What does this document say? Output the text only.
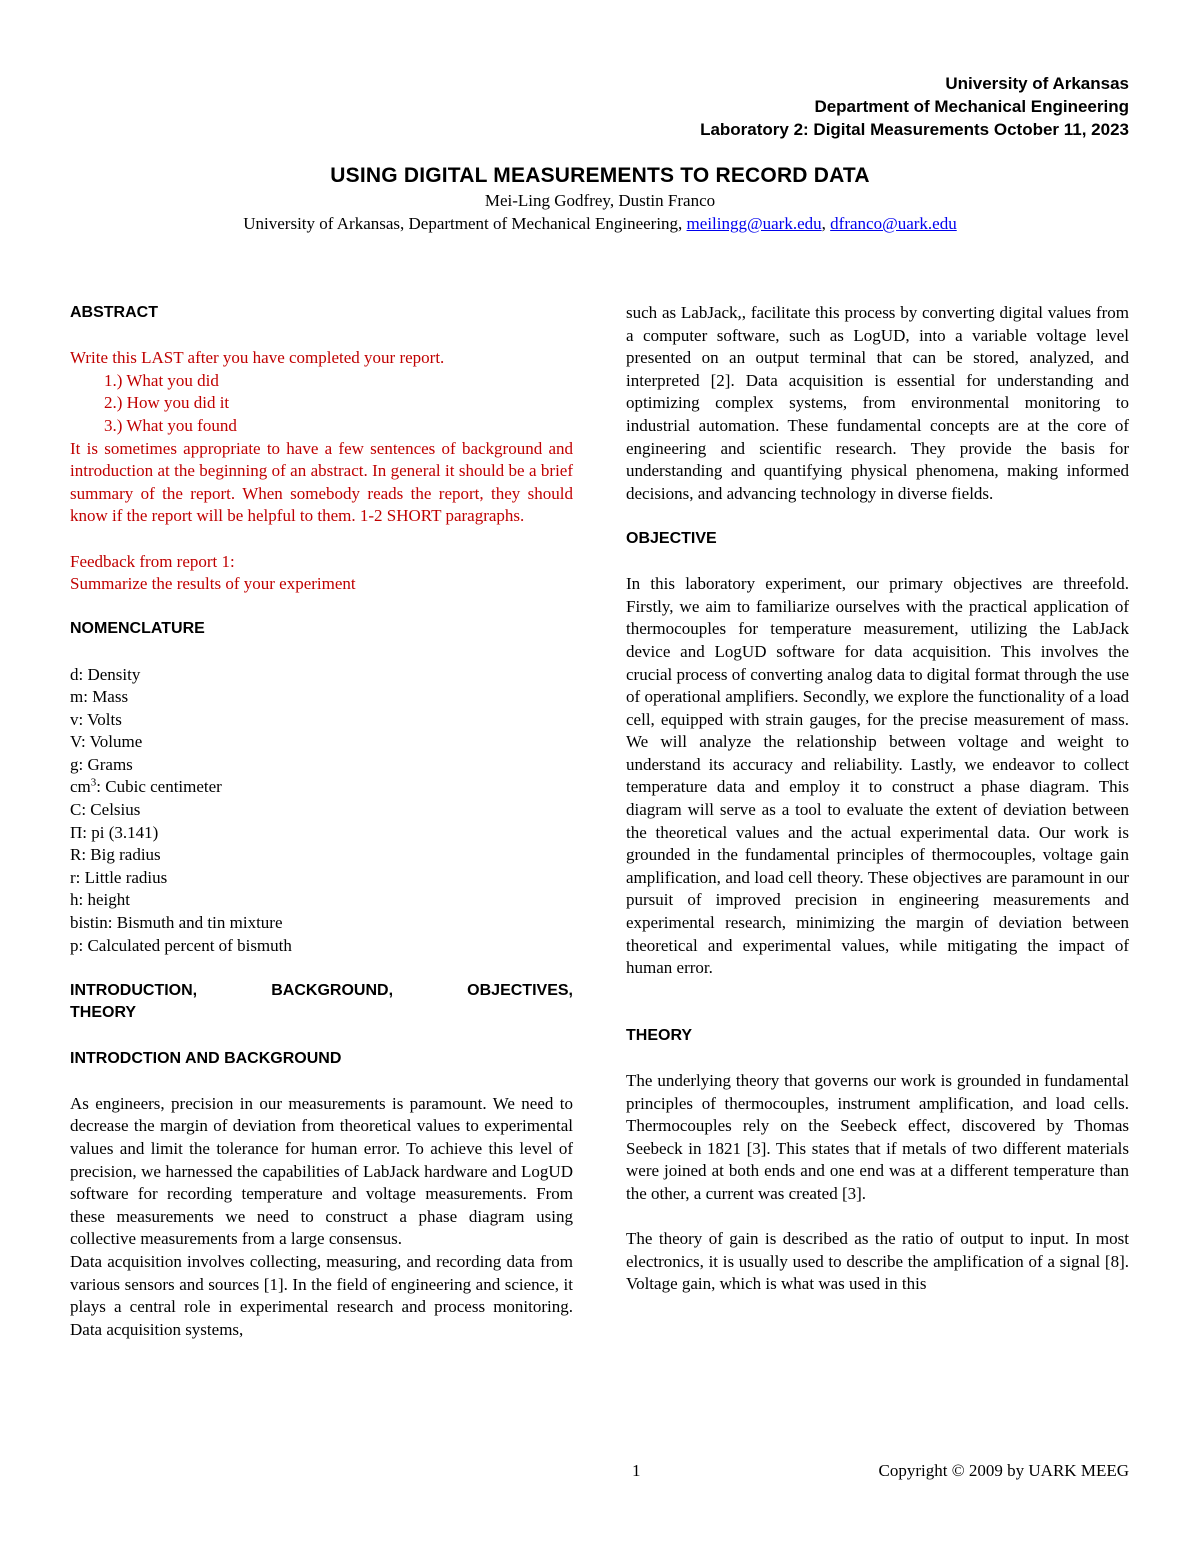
University of Arkansas
Department of Mechanical Engineering
Laboratory 2: Digital Measurements October 11, 2023
USING DIGITAL MEASUREMENTS TO RECORD DATA
Mei-Ling Godfrey, Dustin Franco
University of Arkansas, Department of Mechanical Engineering, meilingg@uark.edu, dfranco@uark.edu

ABSTRACT

Write this LAST after you have completed your report.

1.) What you did
2.) How you did it
3.) What you found

It is sometimes appropriate to have a few sentences of background and introduction at the beginning of an abstract. In general it should be a brief summary of the report. When somebody reads the report, they should know if the report will be helpful to them. 1-2 SHORT paragraphs.

Feedback from report 1:

Summarize the results of your experiment

NOMENCLATURE

d: Density

m: Mass

v: Volts

V: Volume

g: Grams

$cm^3$: Cubic centimeter

C: Celsius

Π: pi (3.141)

R: Big radius

r: Little radius

h: height

bistin: Bismuth and tin mixture

p: Calculated percent of bismuth

INTRODUCTION,	BACKGROUND,	OBJECTIVES,

THEORY

INTRODCTION AND BACKGROUND

As engineers, precision in our measurements is paramount. We need to decrease the margin of deviation from theoretical values to experimental values and limit the tolerance for human error. To achieve this level of precision, we harnessed the capabilities of LabJack hardware and LogUD software for recording temperature and voltage measurements. From these measurements we need to construct a phase diagram using collective measurements from a large consensus.

Data acquisition involves collecting, measuring, and recording data from various sensors and sources [1]. In the field of engineering and science, it plays a central role in experimental research and process monitoring. Data acquisition systems,

such as LabJack,, facilitate this process by converting digital values from a computer software, such as LogUD, into a variable voltage level presented on an output terminal that can be stored, analyzed, and interpreted [2]. Data acquisition is essential for understanding and optimizing complex systems, from environmental monitoring to industrial automation. These fundamental concepts are at the core of engineering and scientific research. They provide the basis for understanding and quantifying physical phenomena, making informed decisions, and advancing technology in diverse fields.

OBJECTIVE

In this laboratory experiment, our primary objectives are threefold. Firstly, we aim to familiarize ourselves with the practical application of thermocouples for temperature measurement, utilizing the LabJack device and LogUD software for data acquisition. This involves the crucial process of converting analog data to digital format through the use of operational amplifiers. Secondly, we explore the functionality of a load cell, equipped with strain gauges, for the precise measurement of mass. We will analyze the relationship between voltage and weight to understand its accuracy and reliability. Lastly, we endeavor to collect temperature data and employ it to construct a phase diagram. This diagram will serve as a tool to evaluate the extent of deviation between the theoretical values and the actual experimental data. Our work is grounded in the fundamental principles of thermocouples, voltage gain amplification, and load cell theory. These objectives are paramount in our pursuit of improved precision in engineering measurements and experimental research, minimizing the margin of deviation between theoretical and experimental values, while mitigating the impact of human error.

THEORY

The underlying theory that governs our work is grounded in fundamental principles of thermocouples, instrument amplification, and load cells. Thermocouples rely on the Seebeck effect, discovered by Thomas Seebeck in 1821 [3]. This states that if metals of two different materials were joined at both ends and one end was at a different temperature than the other, a current was created [3].

The theory of gain is described as the ratio of output to input. In most electronics, it is usually used to describe the amplification of a signal [8]. Voltage gain, which is what was used in this

1	Copyright © 2009 by UARK MEEG
